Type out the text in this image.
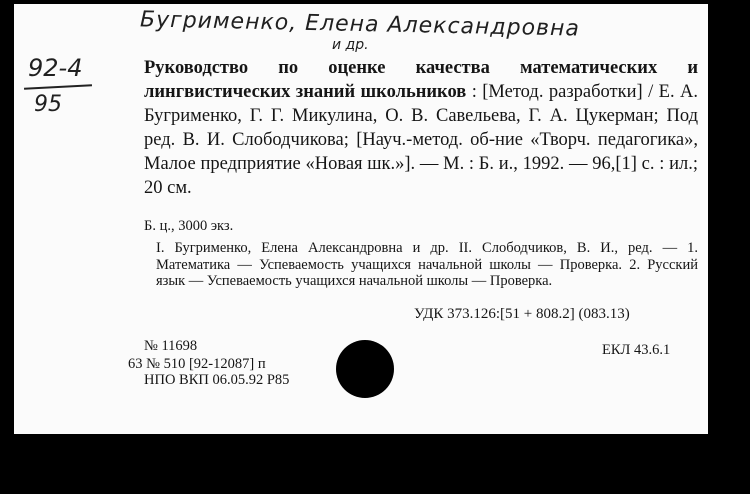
Бугрименко, Елена Александровна
и др.
92-4
95
Руководство по оценке качества математических и лингвистических знаний школьников : [Метод. разработки] / Е. А. Бугрименко, Г. Г. Микулина, О. В. Савельева, Г. А. Цукерман; Под ред. В. И. Слободчикова; [Науч.-метод. об-ние «Творч. педагогика», Малое предприятие «Новая шк.»]. — М. : Б. и., 1992. — 96,[1] с. : ил.; 20 см.
Б. ц., 3000 экз.
I. Бугрименко, Елена Александровна и др. II. Слободчиков, В. И., ред. — 1. Математика — Успеваемость учащихся начальной школы — Проверка. 2. Русский язык — Успеваемость учащихся начальной школы — Проверка.
УДК 373.126:[51 + 808.2] (083.13)
№ 11698	ЕКЛ 43.6.1
63 № 510 [92-12087] п
НПО ВКП 06.05.92 Р85
